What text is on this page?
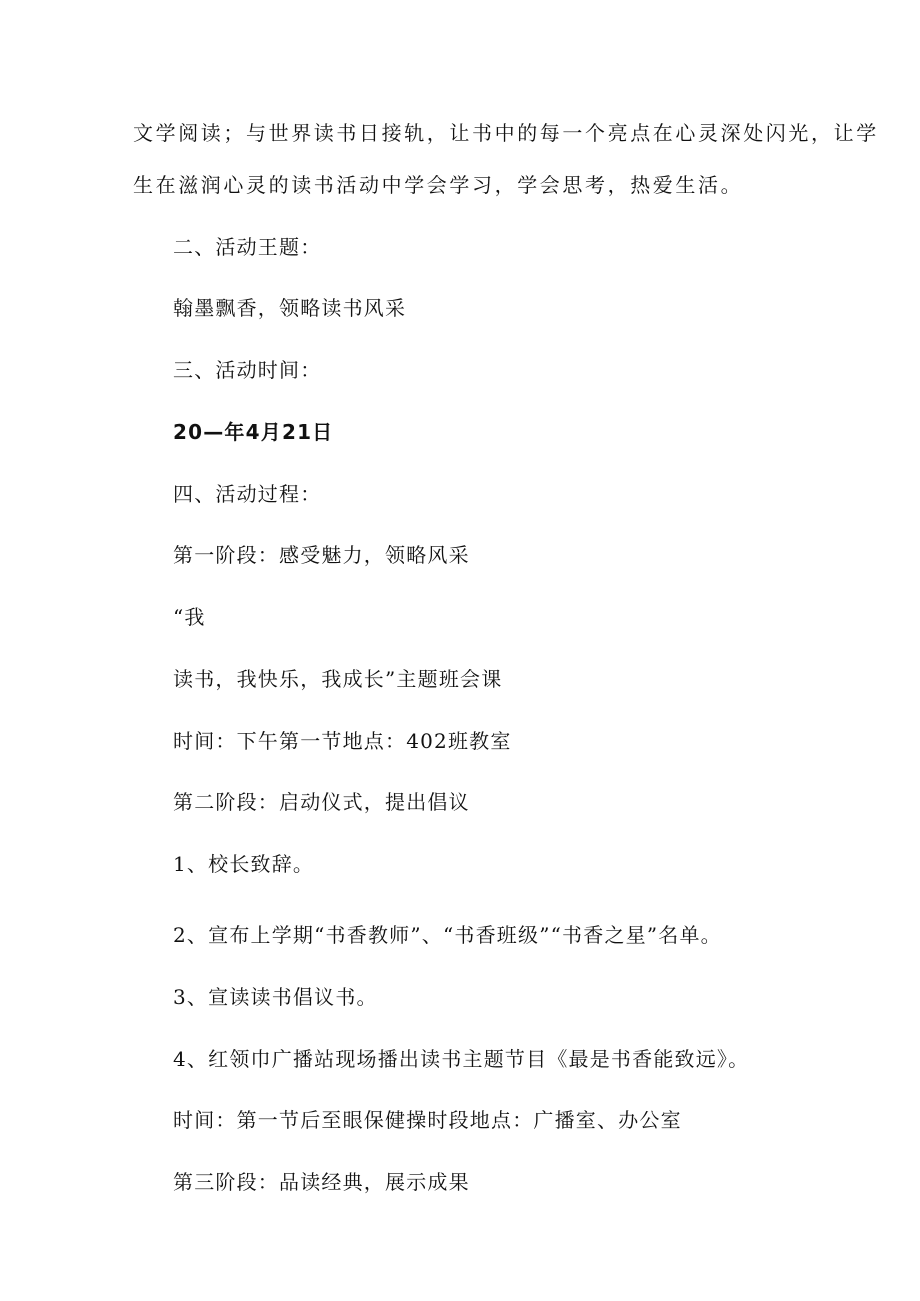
文学阅读；与世界读书日接轨，让书中的每一个亮点在心灵深处闪光，让学
生在滋润心灵的读书活动中学会学习，学会思考，热爱生活。
二、活动王题：
翰墨飘香，领略读书风采
三、活动时间：
20—年4月21日
四、活动过程：
第一阶段：感受魅力，领略风采
“我
读书，我快乐，我成长”主题班会课
时间：下午第一节地点：402班教室
第二阶段：启动仪式，提出倡议
1、校长致辞。
2、宣布上学期“书香教师”、“书香班级”“书香之星”名单。
3、宣读读书倡议书。
4、红领巾广播站现场播出读书主题节目《最是书香能致远》。
时间：第一节后至眼保健操时段地点：广播室、办公室
第三阶段：品读经典，展示成果
